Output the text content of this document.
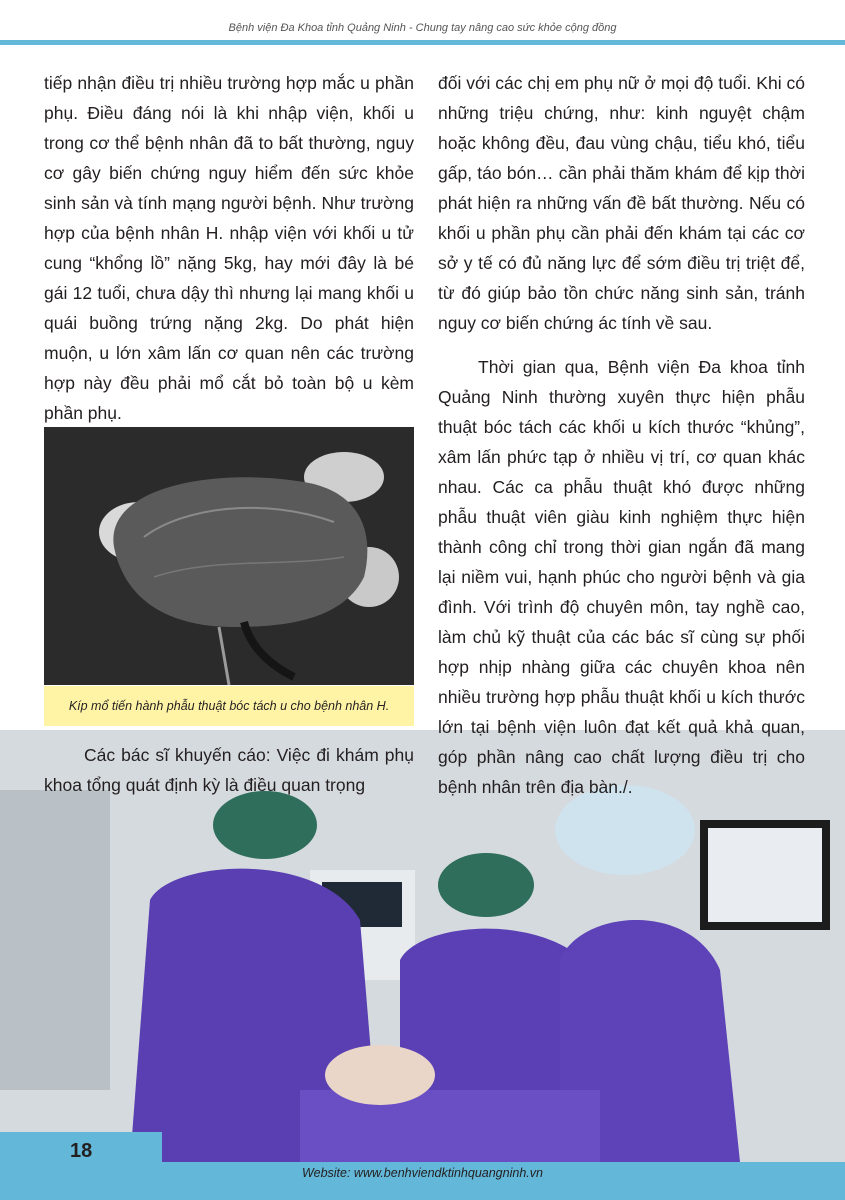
Bệnh viện Đa Khoa tỉnh Quảng Ninh - Chung tay nâng cao sức khỏe cộng đồng

tiếp nhận điều trị nhiều trường hợp mắc u phần phụ. Điều đáng nói là khi nhập viện, khối u trong cơ thể bệnh nhân đã to bất thường, nguy cơ gây biến chứng nguy hiểm đến sức khỏe sinh sản và tính mạng người bệnh. Như trường hợp của bệnh nhân H. nhập viện với khối u tử cung “khổng lồ” nặng 5kg, hay mới đây là bé gái 12 tuổi, chưa dậy thì nhưng lại mang khối u quái buồng trứng nặng 2kg. Do phát hiện muộn, u lớn xâm lấn cơ quan nên các trường hợp này đều phải mổ cắt bỏ toàn bộ u kèm phần phụ.

Kíp mổ tiến hành phẫu thuật bóc tách u cho bệnh nhân H.

Các bác sĩ khuyến cáo: Việc đi khám phụ khoa tổng quát định kỳ là điều quan trọng

đối với các chị em phụ nữ ở mọi độ tuổi. Khi có những triệu chứng, như: kinh nguyệt chậm hoặc không đều, đau vùng chậu, tiểu khó, tiểu gấp, táo bón… cần phải thăm khám để kịp thời phát hiện ra những vấn đề bất thường. Nếu có khối u phần phụ cần phải đến khám tại các cơ sở y tế có đủ năng lực để sớm điều trị triệt để, từ đó giúp bảo tồn chức năng sinh sản, tránh nguy cơ biến chứng ác tính về sau.

Thời gian qua, Bệnh viện Đa khoa tỉnh Quảng Ninh thường xuyên thực hiện phẫu thuật bóc tách các khối u kích thước “khủng”, xâm lấn phức tạp ở nhiều vị trí, cơ quan khác nhau. Các ca phẫu thuật khó được những phẫu thuật viên giàu kinh nghiệm thực hiện thành công chỉ trong thời gian ngắn đã mang lại niềm vui, hạnh phúc cho người bệnh và gia đình. Với trình độ chuyên môn, tay nghề cao, làm chủ kỹ thuật của các bác sĩ cùng sự phối hợp nhịp nhàng giữa các chuyên khoa nên nhiều trường hợp phẫu thuật khối u kích thước lớn tại bệnh viện luôn đạt kết quả khả quan, góp phần nâng cao chất lượng điều trị cho bệnh nhân trên địa bàn./.

18
Website: www.benhviendktinhquangninh.vn
